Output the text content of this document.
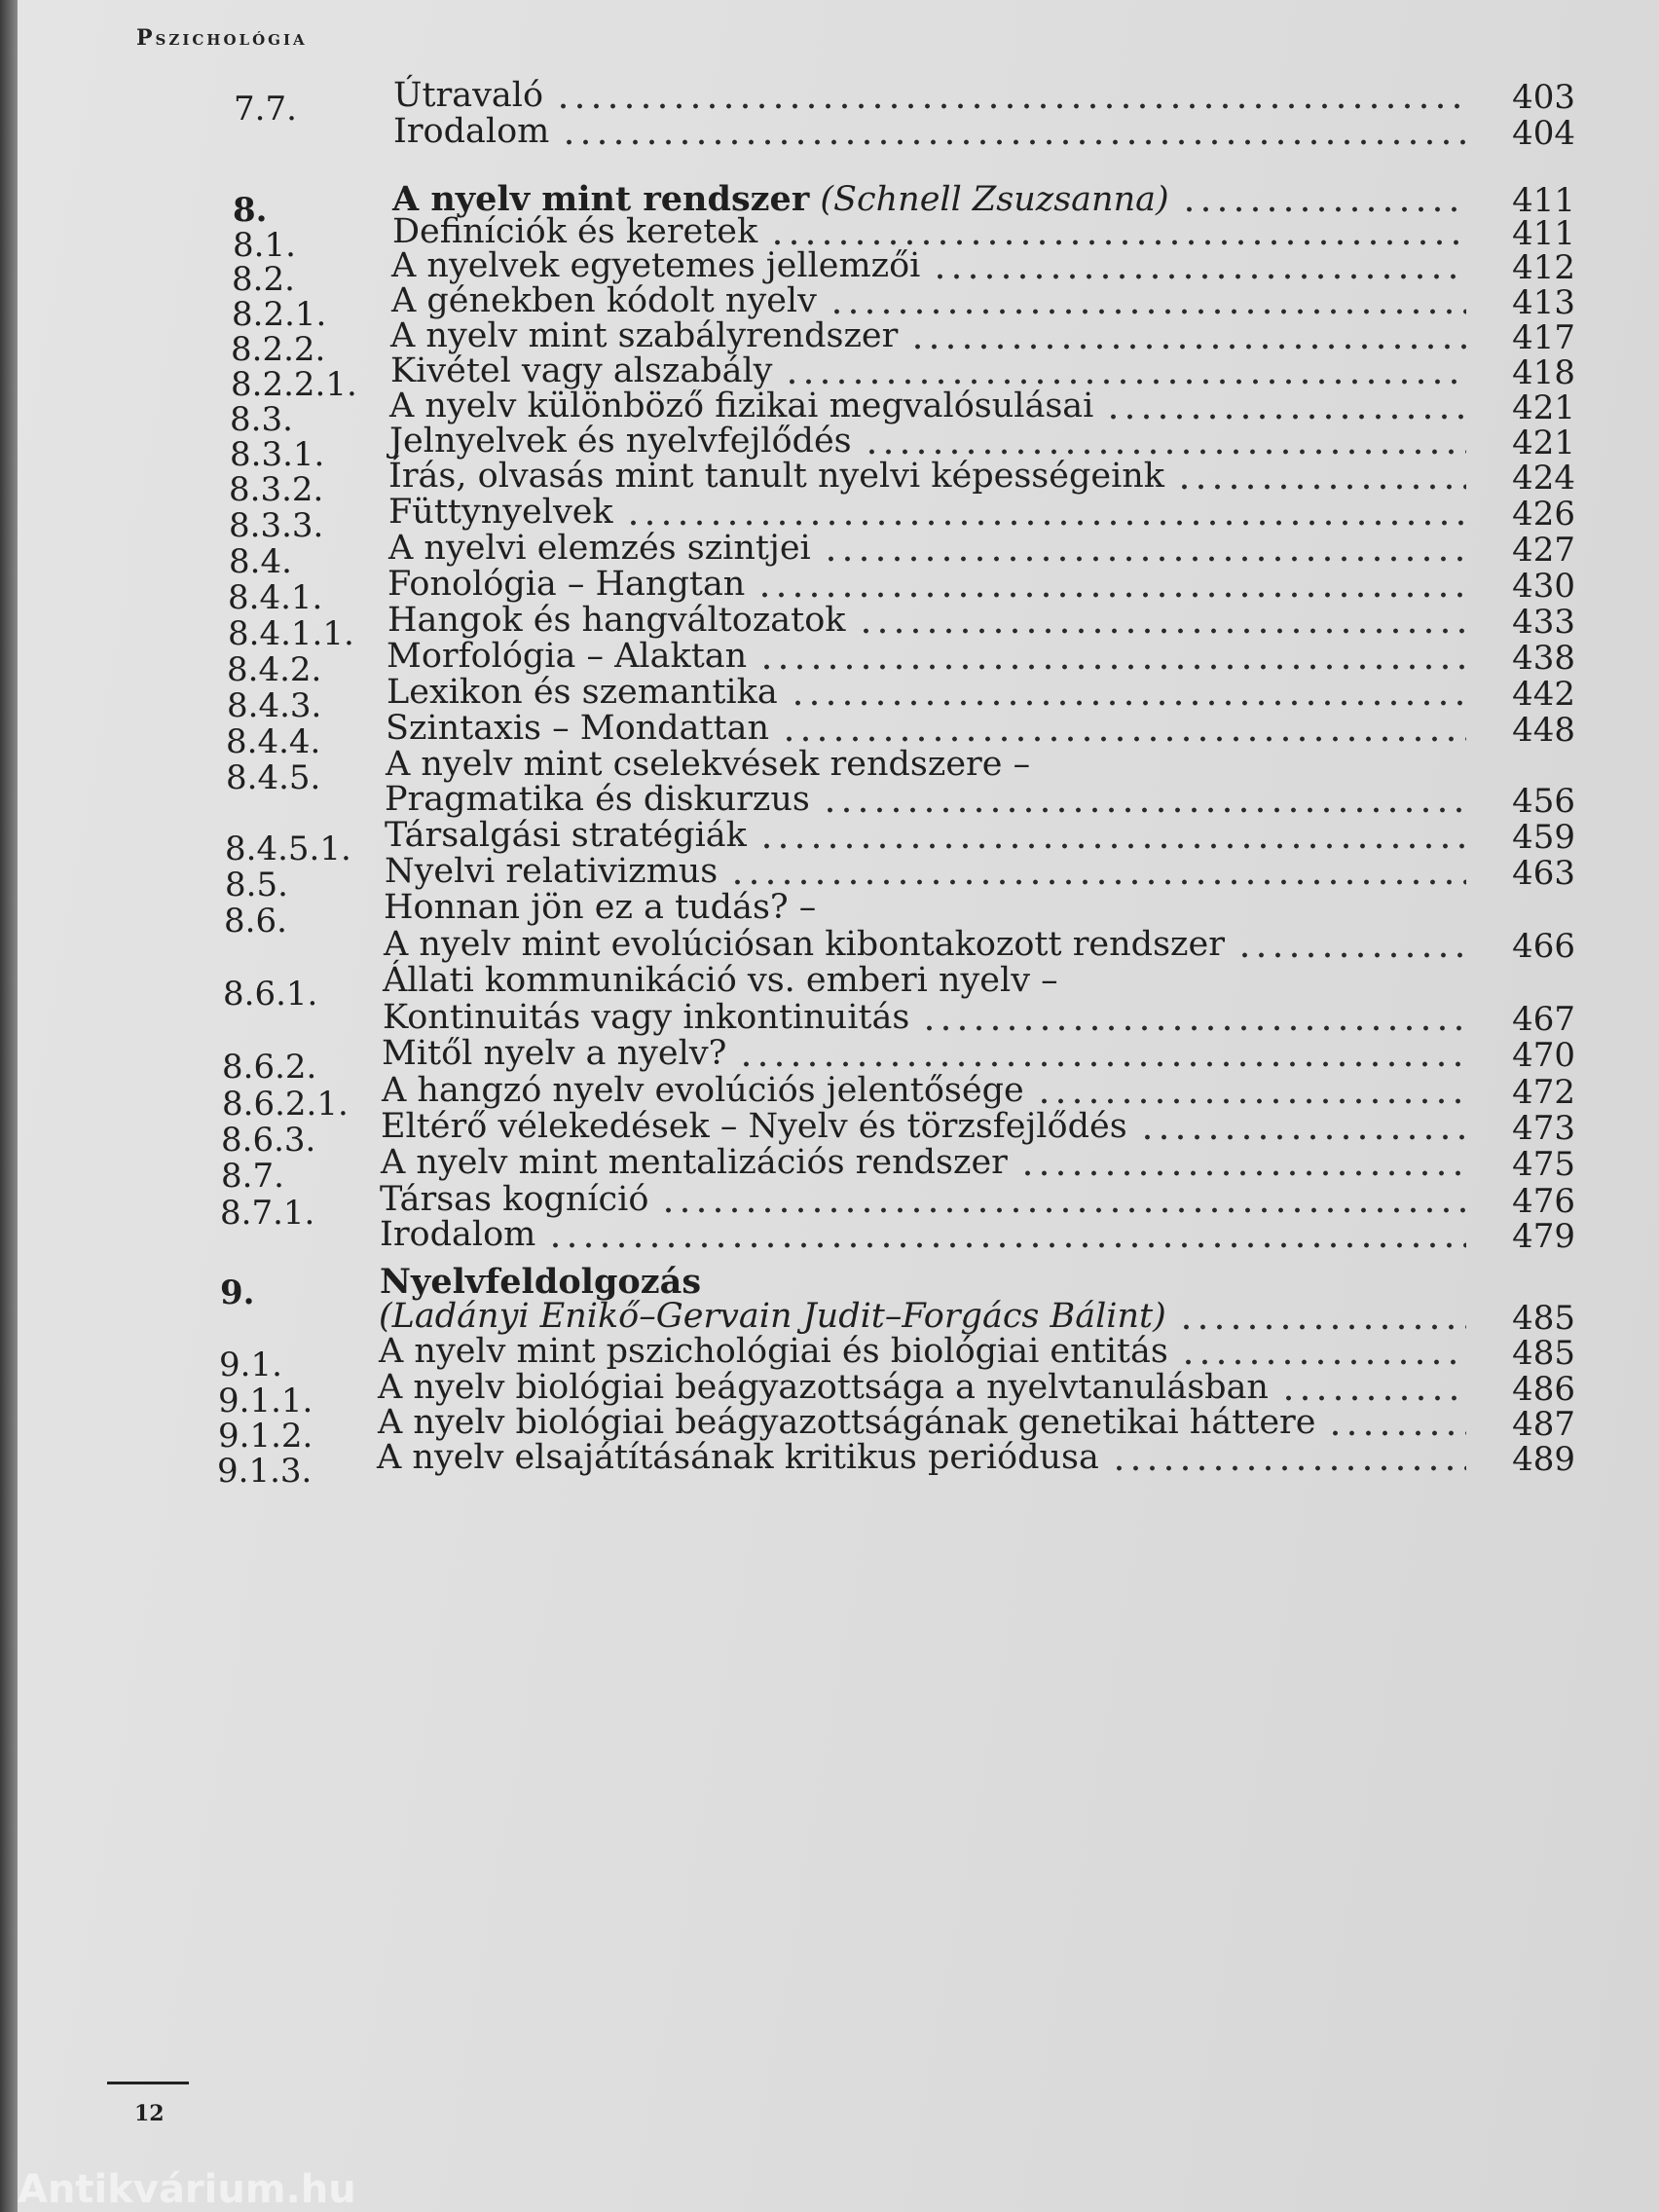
Pszichológia
7.7.	Útravaló	403
Irodalom	404
8.	A nyelv mint rendszer (Schnell Zsuzsanna)	411
8.1.	Definíciók és keretek	411
8.2.	A nyelvek egyetemes jellemzői	412
8.2.1. A génekben kódolt nyelv	413
8.2.2. A nyelv mint szabályrendszer	417
8.2.2.1. Kivétel vagy alszabály	418
8.3.	A nyelv különböző fizikai megvalósulásai	421
8.3.1. Jelnyelvek és nyelvfejlődés	421
8.3.2. Írás, olvasás mint tanult nyelvi képességeink	424
8.3.3. Füttynyelvek	426
8.4.	A nyelvi elemzés szintjei	427
8.4.1. Fonológia – Hangtan	430
8.4.1.1. Hangok és hangváltozatok	433
8.4.2. Morfológia – Alaktan	438
8.4.3. Lexikon és szemantika	442
8.4.4. Szintaxis – Mondattan	448
8.4.5. A nyelv mint cselekvések rendszere –
Pragmatika és diskurzus	456
8.4.5.1. Társalgási stratégiák	459
8.5.	Nyelvi relativizmus	463
8.6.	Honnan jön ez a tudás? –
A nyelv mint evolúciósan kibontakozott rendszer	466
8.6.1. Állati kommunikáció vs. emberi nyelv –
Kontinuitás vagy inkontinuitás	467
8.6.2. Mitől nyelv a nyelv?	470
8.6.2.1. A hangzó nyelv evolúciós jelentősége	472
8.6.3. Eltérő vélekedések – Nyelv és törzsfejlődés	473
8.7.	A nyelv mint mentalizációs rendszer	475
8.7.1. Társas kogníció	476
Irodalom	479
9.	Nyelvfeldolgozás
(Ladányi Enikő–Gervain Judit–Forgács Bálint)	485
9.1.	A nyelv mint pszichológiai és biológiai entitás	485
9.1.1. A nyelv biológiai beágyazottsága a nyelvtanulásban	486
9.1.2. A nyelv biológiai beágyazottságának genetikai háttere	487
9.1.3. A nyelv elsajátításának kritikus periódusa	489
12
Antikvárium.hu
